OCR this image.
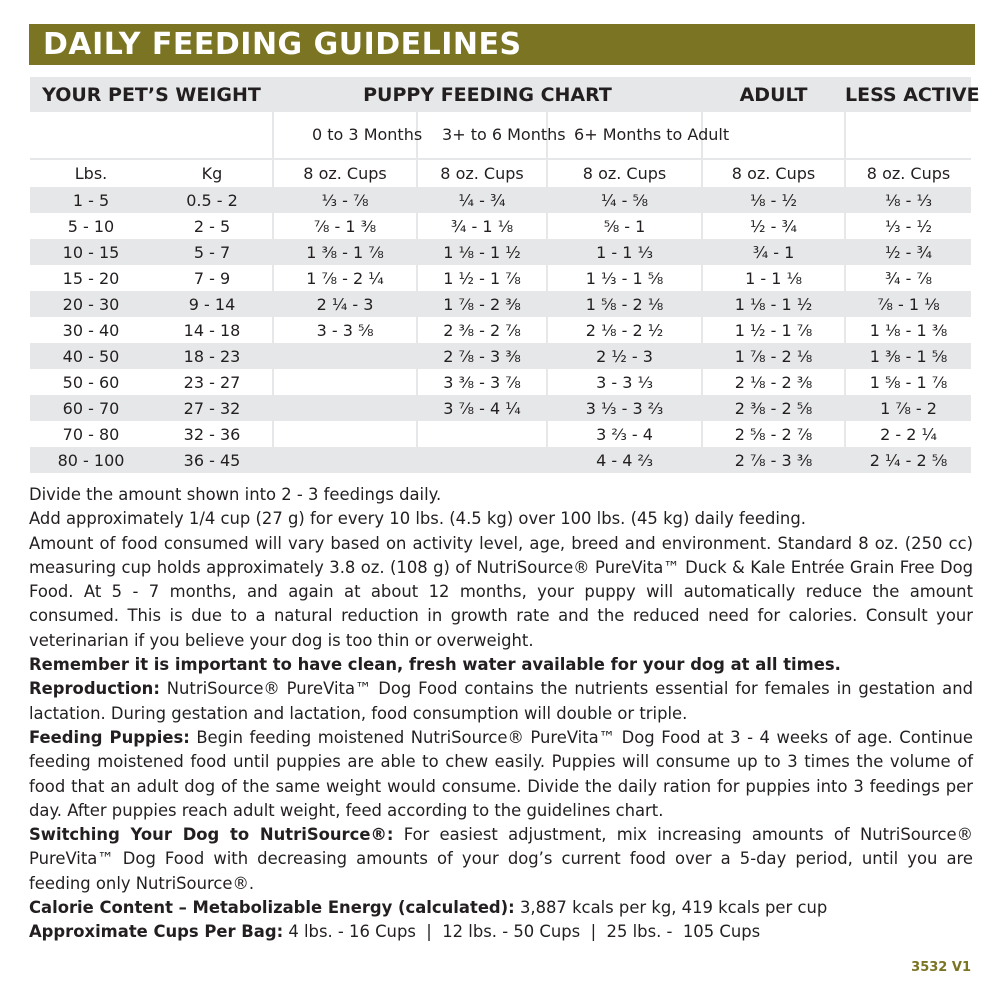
DAILY FEEDING GUIDELINES
YOUR PET’S WEIGHT		PUPPY FEEDING CHART			ADULT	LESS ACTIVE
		0 to 3 Months	3+ to 6 Months	6+ Months to Adult		
Lbs.	Kg	8 oz. Cups	8 oz. Cups	8 oz. Cups	8 oz. Cups	8 oz. Cups
1 - 5	0.5 - 2	⅓ - ⅞	¼ - ¾	¼ - ⅝	⅛ - ½	⅛ - ⅓
5 - 10	2 - 5	⅞ - 1 ⅜	¾ - 1 ⅛	⅝ - 1	½ - ¾	⅓ - ½
10 - 15	5 - 7	1 ⅜ - 1 ⅞	1 ⅛ - 1 ½	1 - 1 ⅓	¾ - 1	½ - ¾
15 - 20	7 - 9	1 ⅞ - 2 ¼	1 ½ - 1 ⅞	1 ⅓ - 1 ⅝	1 - 1 ⅛	¾ - ⅞
20 - 30	9 - 14	2 ¼ - 3	1 ⅞ - 2 ⅜	1 ⅝ - 2 ⅛	1 ⅛ - 1 ½	⅞ - 1 ⅛
30 - 40	14 - 18	3 - 3 ⅝	2 ⅜ - 2 ⅞	2 ⅛ - 2 ½	1 ½ - 1 ⅞	1 ⅛ - 1 ⅜
40 - 50	18 - 23		2 ⅞ - 3 ⅜	2 ½ - 3	1 ⅞ - 2 ⅛	1 ⅜ - 1 ⅝
50 - 60	23 - 27		3 ⅜ - 3 ⅞	3 - 3 ⅓	2 ⅛ - 2 ⅜	1 ⅝ - 1 ⅞
60 - 70	27 - 32		3 ⅞ - 4 ¼	3 ⅓ - 3 ⅔	2 ⅜ - 2 ⅝	1 ⅞ - 2
70 - 80	32 - 36			3 ⅔ - 4	2 ⅝ - 2 ⅞	2 - 2 ¼
80 - 100	36 - 45			4 - 4 ⅔	2 ⅞ - 3 ⅜	2 ¼ - 2 ⅝

Divide the amount shown into 2 - 3 feedings daily.

Add approximately 1/4 cup (27 g) for every 10 lbs. (4.5 kg) over 100 lbs. (45 kg) daily feeding.

Amount of food consumed will vary based on activity level, age, breed and environment. Standard 8 oz. (250 cc) measuring cup holds approximately 3.8 oz. (108 g) of NutriSource® PureVita™ Duck & Kale Entrée Grain Free Dog Food. At 5 - 7 months, and again at about 12 months, your puppy will automatically reduce the amount consumed. This is due to a natural reduction in growth rate and the reduced need for calories. Consult your veterinarian if you believe your dog is too thin or overweight.

Remember it is important to have clean, fresh water available for your dog at all times.

Reproduction: NutriSource® PureVita™ Dog Food contains the nutrients essential for females in gestation and lactation. During gestation and lactation, food consumption will double or triple.

Feeding Puppies: Begin feeding moistened NutriSource® PureVita™ Dog Food at 3 - 4 weeks of age. Continue feeding moistened food until puppies are able to chew easily. Puppies will consume up to 3 times the volume of food that an adult dog of the same weight would consume. Divide the daily ration for puppies into 3 feedings per day. After puppies reach adult weight, feed according to the guidelines chart.

Switching Your Dog to NutriSource®: For easiest adjustment, mix increasing amounts of NutriSource® PureVita™ Dog Food with decreasing amounts of your dog’s current food over a 5-day period, until you are feeding only NutriSource®.

Calorie Content – Metabolizable Energy (calculated): 3,887 kcals per kg, 419 kcals per cup

Approximate Cups Per Bag: 4 lbs. - 16 Cups  |  12 lbs. - 50 Cups  |  25 lbs. -  105 Cups

3532 V1
